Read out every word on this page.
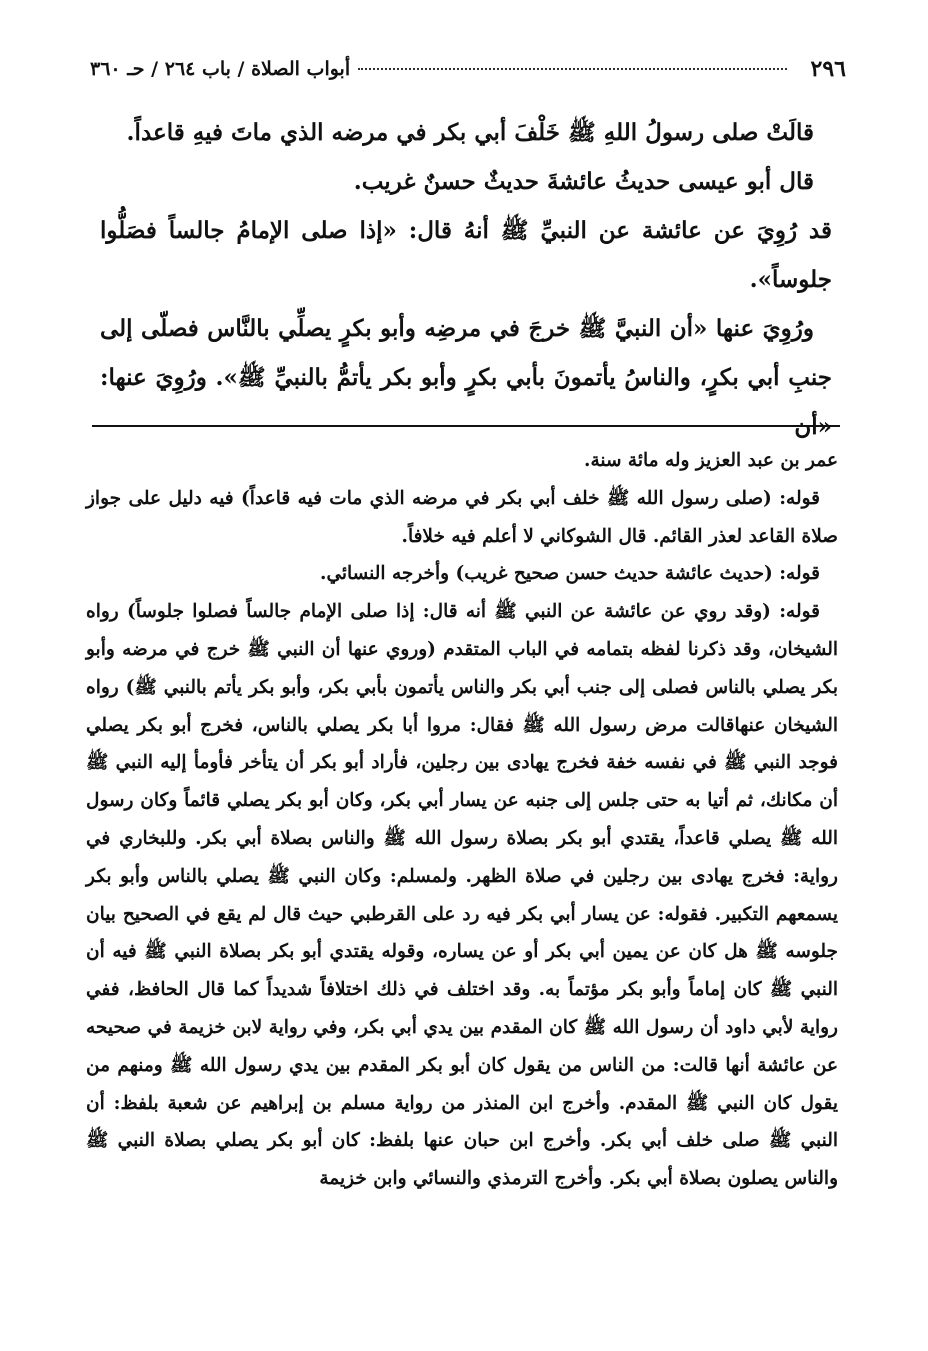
٢٩٦
أبواب الصلاة / باب ٢٦٤ / حـ ٣٦٠

قالَتْ صلى رسولُ اللهِ ﷺ خَلْفَ أبي بكر في مرضه الذي ماتَ فيهِ قاعداً.

قال أبو عيسى حديثُ عائشةَ حديثٌ حسنٌ غريب.

قد رُوِيَ عن عائشة عن النبيِّ ﷺ أنهُ قال: «إذا صلى الإمامُ جالساً فصَلُّوا جلوساً».

ورُوِيَ عنها «أن النبيَّ ﷺ خرجَ في مرضِه وأبو بكرٍ يصلِّي بالنَّاس فصلّى إلى جنبِ أبي بكرٍ، والناسُ يأتمونَ بأبي بكرٍ وأبو بكر يأتمُّ بالنبيِّ ﷺ». ورُوِيَ عنها: «أن

عمر بن عبد العزيز وله مائة سنة.

قوله: (صلى رسول الله ﷺ خلف أبي بكر في مرضه الذي مات فيه قاعداً) فيه دليل على جواز صلاة القاعد لعذر القائم. قال الشوكاني لا أعلم فيه خلافاً.

قوله: (حديث عائشة حديث حسن صحيح غريب) وأخرجه النسائي.

قوله: (وقد روي عن عائشة عن النبي ﷺ أنه قال: إذا صلى الإمام جالساً فصلوا جلوساً) رواه الشيخان، وقد ذكرنا لفظه بتمامه في الباب المتقدم (وروي عنها أن النبي ﷺ خرج في مرضه وأبو بكر يصلي بالناس فصلى إلى جنب أبي بكر والناس يأتمون بأبي بكر، وأبو بكر يأتم بالنبي ﷺ) رواه الشيخان عنهاقالت مرض رسول الله ﷺ فقال: مروا أبا بكر يصلي بالناس، فخرج أبو بكر يصلي فوجد النبي ﷺ في نفسه خفة فخرج يهادى بين رجلين، فأراد أبو بكر أن يتأخر فأومأ إليه النبي ﷺ أن مكانك، ثم أتيا به حتى جلس إلى جنبه عن يسار أبي بكر، وكان أبو بكر يصلي قائماً وكان رسول الله ﷺ يصلي قاعداً، يقتدي أبو بكر بصلاة رسول الله ﷺ والناس بصلاة أبي بكر. وللبخاري في رواية: فخرج يهادى بين رجلين في صلاة الظهر. ولمسلم: وكان النبي ﷺ يصلي بالناس وأبو بكر يسمعهم التكبير. فقوله: عن يسار أبي بكر فيه رد على القرطبي حيث قال لم يقع في الصحيح بيان جلوسه ﷺ هل كان عن يمين أبي بكر أو عن يساره، وقوله يقتدي أبو بكر بصلاة النبي ﷺ فيه أن النبي ﷺ كان إماماً وأبو بكر مؤتماً به. وقد اختلف في ذلك اختلافاً شديداً كما قال الحافظ، ففي رواية لأبي داود أن رسول الله ﷺ كان المقدم بين يدي أبي بكر، وفي رواية لابن خزيمة في صحيحه عن عائشة أنها قالت: من الناس من يقول كان أبو بكر المقدم بين يدي رسول الله ﷺ ومنهم من يقول كان النبي ﷺ المقدم. وأخرج ابن المنذر من رواية مسلم بن إبراهيم عن شعبة بلفظ: أن النبي ﷺ صلى خلف أبي بكر. وأخرج ابن حبان عنها بلفظ: كان أبو بكر يصلي بصلاة النبي ﷺ والناس يصلون بصلاة أبي بكر. وأخرج الترمذي والنسائي وابن خزيمة
